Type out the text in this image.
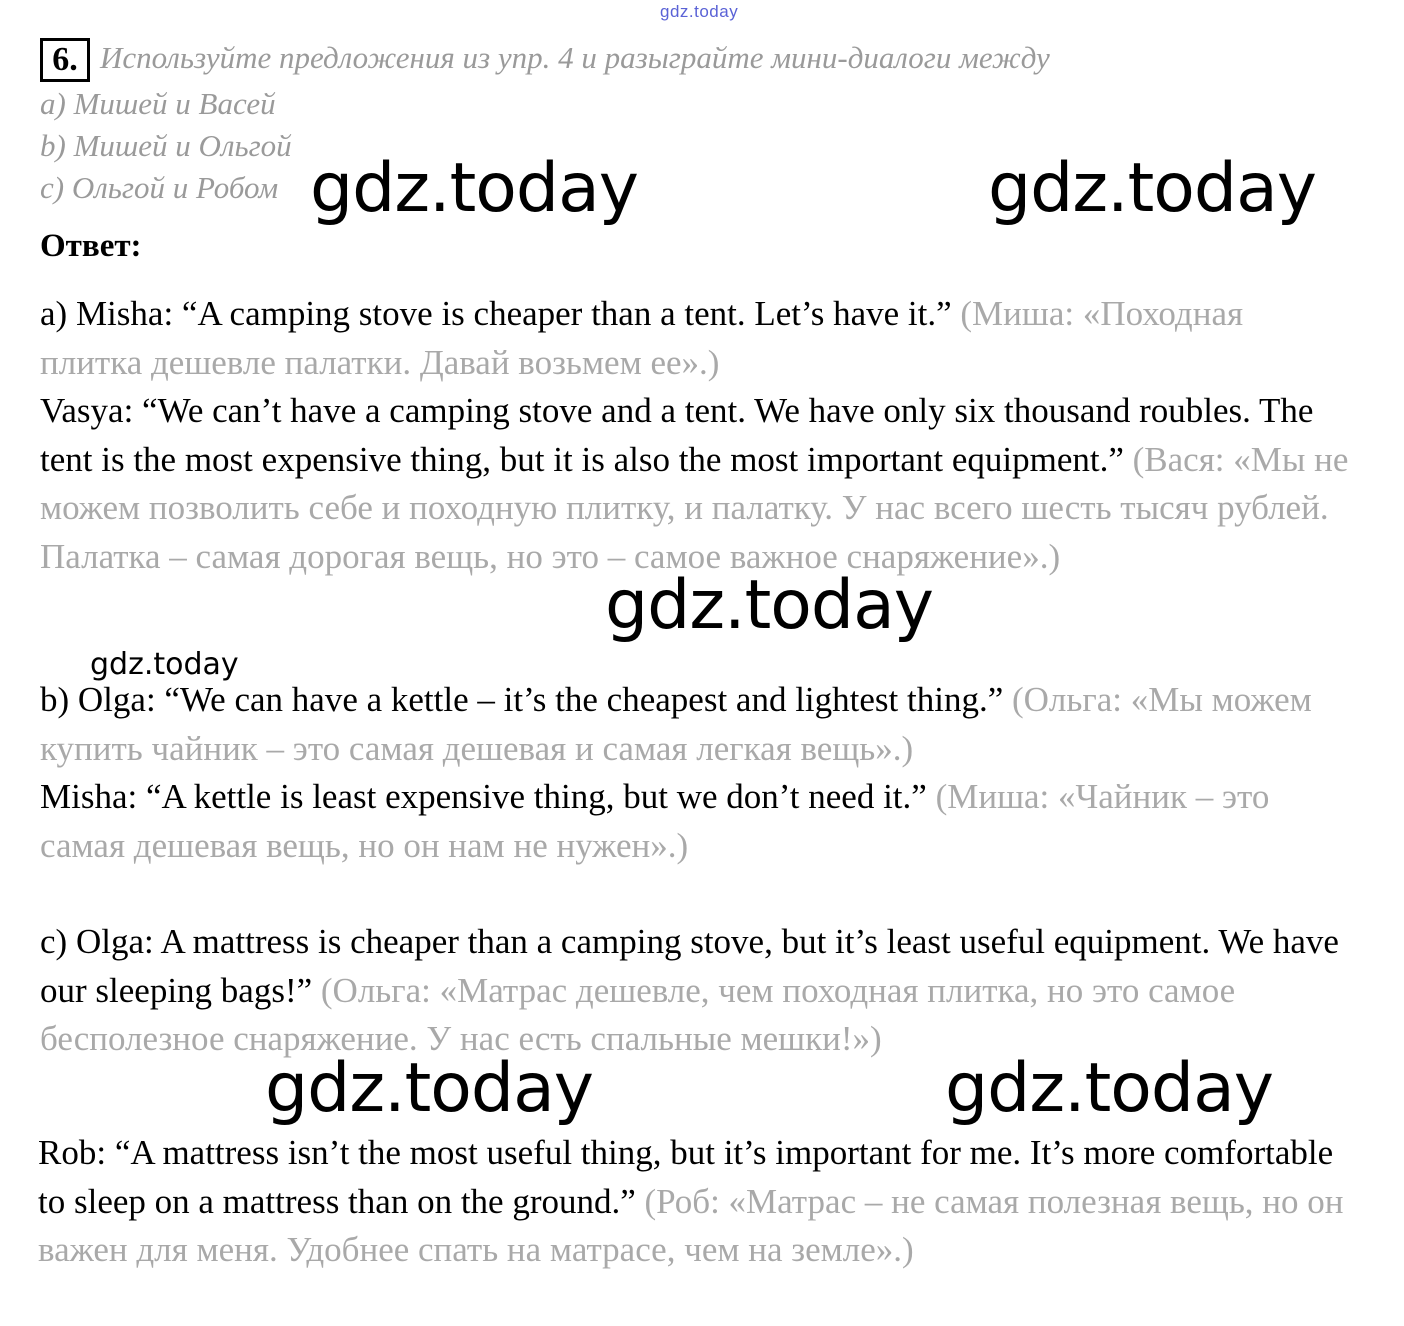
gdz.today
6. Используйте предложения из упр. 4 и разыграйте мини-диалоги между
a) Мишей и Васей
b) Мишей и Ольгой
c) Ольгой и Робом
Ответ:
a) Misha: “A camping stove is cheaper than a tent. Let’s have it.” (Миша: «Походная плитка дешевле палатки. Давай возьмем ее».)
Vasya: “We can’t have a camping stove and a tent. We have only six thousand roubles. The tent is the most expensive thing, but it is also the most important equipment.” (Вася: «Мы не можем позволить себе и походную плитку, и палатку. У нас всего шесть тысяч рублей. Палатка – самая дорогая вещь, но это – самое важное снаряжение».)
b) Olga: “We can have a kettle – it’s the cheapest and lightest thing.” (Ольга: «Мы можем купить чайник – это самая дешевая и самая легкая вещь».)
Misha: “A kettle is least expensive thing, but we don’t need it.” (Миша: «Чайник – это самая дешевая вещь, но он нам не нужен».)
c) Olga: A mattress is cheaper than a camping stove, but it’s least useful equipment. We have our sleeping bags!” (Ольга: «Матрас дешевле, чем походная плитка, но это самое бесполезное снаряжение. У нас есть спальные мешки!»)
Rob: “A mattress isn’t the most useful thing, but it’s important for me. It’s more comfortable to sleep on a mattress than on the ground.” (Роб: «Матрас – не самая полезная вещь, но он важен для меня. Удобнее спать на матрасе, чем на земле».)
gdz.today	gdz.today
gdz.today
gdz.today
gdz.today	gdz.today
